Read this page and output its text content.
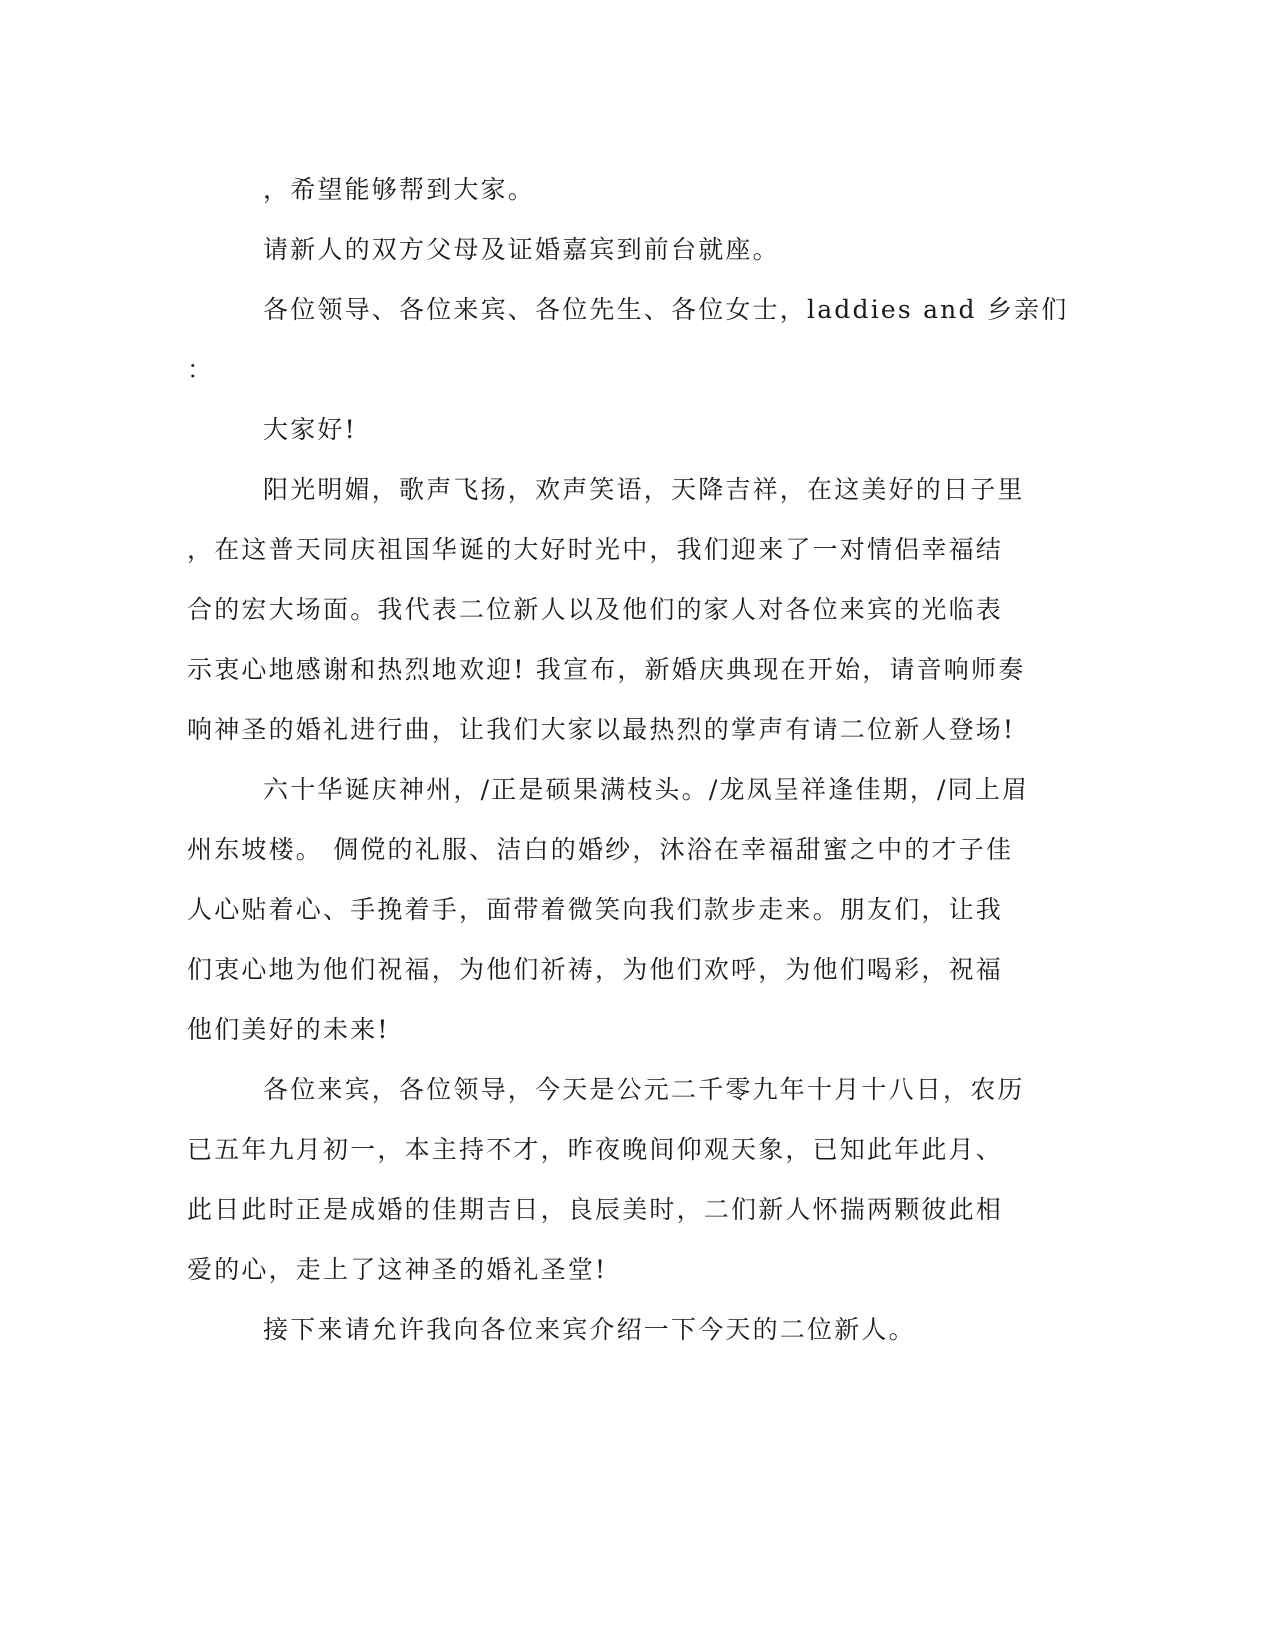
，希望能够帮到大家。
请新人的双方父母及证婚嘉宾到前台就座。
各位领导、各位来宾、各位先生、各位女士，laddies and 乡亲们
：
大家好!
阳光明媚，歌声飞扬，欢声笑语，天降吉祥，在这美好的日子里
，在这普天同庆祖国华诞的大好时光中，我们迎来了一对情侣幸福结
合的宏大场面。我代表二位新人以及他们的家人对各位来宾的光临表
示衷心地感谢和热烈地欢迎! 我宣布，新婚庆典现在开始，请音响师奏
响神圣的婚礼进行曲，让我们大家以最热烈的掌声有请二位新人登场!
六十华诞庆神州，/正是硕果满枝头。/龙凤呈祥逢佳期，/同上眉
州东坡楼。 倜傥的礼服、洁白的婚纱，沐浴在幸福甜蜜之中的才子佳
人心贴着心、手挽着手，面带着微笑向我们款步走来。朋友们，让我
们衷心地为他们祝福，为他们祈祷，为他们欢呼，为他们喝彩，祝福
他们美好的未来!
各位来宾，各位领导，今天是公元二千零九年十月十八日，农历
已五年九月初一，本主持不才，昨夜晚间仰观天象，已知此年此月、
此日此时正是成婚的佳期吉日，良辰美时，二们新人怀揣两颗彼此相
爱的心，走上了这神圣的婚礼圣堂!
接下来请允许我向各位来宾介绍一下今天的二位新人。
